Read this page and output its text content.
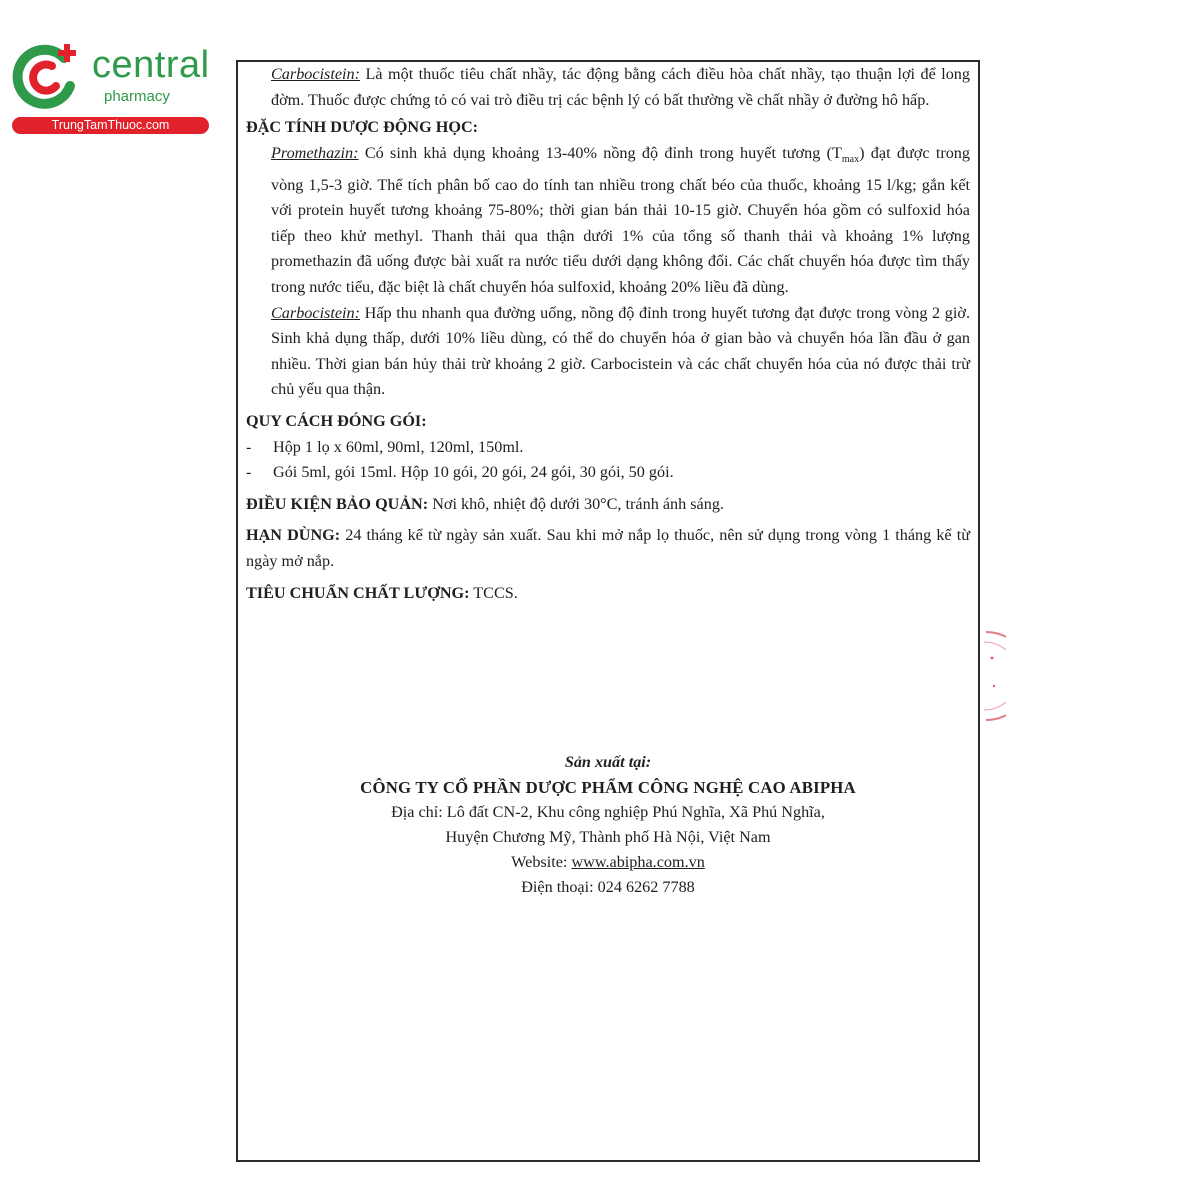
central
pharmacy
TrungTamThuoc.com

Carbocistein: Là một thuốc tiêu chất nhầy, tác động bằng cách điều hòa chất nhầy, tạo thuận lợi để long đờm. Thuốc được chứng tỏ có vai trò điều trị các bệnh lý có bất thường về chất nhầy ở đường hô hấp.

ĐẶC TÍNH DƯỢC ĐỘNG HỌC:

Promethazin: Có sinh khả dụng khoảng 13-40% nồng độ đỉnh trong huyết tương $(T_{max})$ đạt được trong vòng 1,5-3 giờ. Thể tích phân bố cao do tính tan nhiều trong chất béo của thuốc, khoảng 15 l/kg; gắn kết với protein huyết tương khoảng 75-80%; thời gian bán thải 10-15 giờ. Chuyển hóa gồm có sulfoxid hóa tiếp theo khử methyl. Thanh thải qua thận dưới 1% của tổng số thanh thải và khoảng 1% lượng promethazin đã uống được bài xuất ra nước tiểu dưới dạng không đổi. Các chất chuyển hóa được tìm thấy trong nước tiểu, đặc biệt là chất chuyển hóa sulfoxid, khoảng 20% liều đã dùng.

Carbocistein: Hấp thu nhanh qua đường uống, nồng độ đỉnh trong huyết tương đạt được trong vòng 2 giờ. Sinh khả dụng thấp, dưới 10% liều dùng, có thể do chuyển hóa ở gian bào và chuyển hóa lần đầu ở gan nhiều. Thời gian bán hủy thải trừ khoảng 2 giờ. Carbocistein và các chất chuyển hóa của nó được thải trừ chủ yếu qua thận.

QUY CÁCH ĐÓNG GÓI:

-	Hộp 1 lọ x 60ml, 90ml, 120ml, 150ml.

-	Gói 5ml, gói 15ml. Hộp 10 gói, 20 gói, 24 gói, 30 gói, 50 gói.

ĐIỀU KIỆN BẢO QUẢN: Nơi khô, nhiệt độ dưới 30°C, tránh ánh sáng.

HẠN DÙNG: 24 tháng kể từ ngày sản xuất. Sau khi mở nắp lọ thuốc, nên sử dụng trong vòng 1 tháng kể từ ngày mở nắp.

TIÊU CHUẨN CHẤT LƯỢNG: TCCS.

Sản xuất tại:
CÔNG TY CỔ PHẦN DƯỢC PHẨM CÔNG NGHỆ CAO ABIPHA
Địa chỉ: Lô đất CN-2, Khu công nghiệp Phú Nghĩa, Xã Phú Nghĩa,
Huyện Chương Mỹ, Thành phố Hà Nội, Việt Nam
Website: www.abipha.com.vn
Điện thoại: 024 6262 7788
